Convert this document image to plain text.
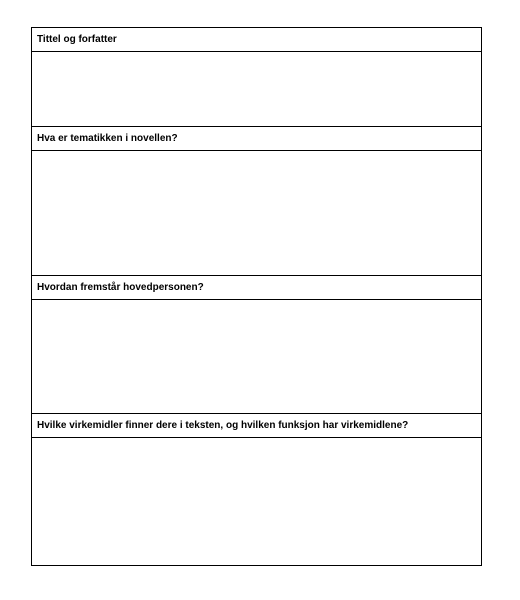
Tittel og forfatter
Hva er tematikken i novellen?
Hvordan fremstår hovedpersonen?
Hvilke virkemidler finner dere i teksten, og hvilken funksjon har virkemidlene?
